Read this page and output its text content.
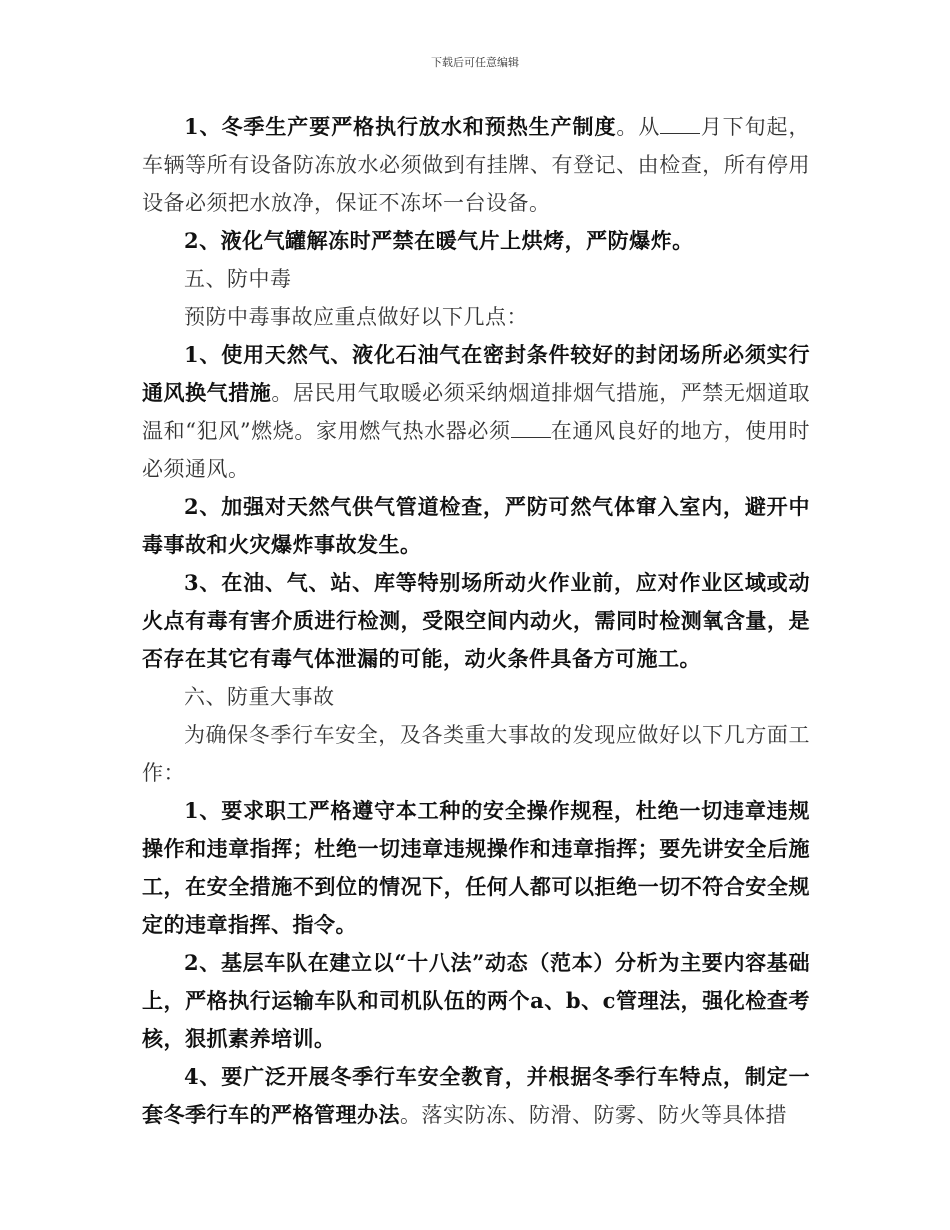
下载后可任意编辑

1、冬季生产要严格执行放水和预热生产制度。从 月下旬起，车辆等所有设备防冻放水必须做到有挂牌、有登记、由检查，所有停用设备必须把水放净，保证不冻坏一台设备。

2、液化气罐解冻时严禁在暖气片上烘烤，严防爆炸。

五、防中毒

预防中毒事故应重点做好以下几点：

1、使用天然气、液化石油气在密封条件较好的封闭场所必须实行通风换气措施。居民用气取暖必须采纳烟道排烟气措施，严禁无烟道取温和“犯风”燃烧。家用燃气热水器必须 在通风良好的地方，使用时必须通风。

2、加强对天然气供气管道检查，严防可然气体窜入室内，避开中毒事故和火灾爆炸事故发生。

3、在油、气、站、库等特别场所动火作业前，应对作业区域或动火点有毒有害介质进行检测，受限空间内动火，需同时检测氧含量，是否存在其它有毒气体泄漏的可能，动火条件具备方可施工。

六、防重大事故

为确保冬季行车安全，及各类重大事故的发现应做好以下几方面工作：

1、要求职工严格遵守本工种的安全操作规程，杜绝一切违章违规操作和违章指挥；杜绝一切违章违规操作和违章指挥；要先讲安全后施工，在安全措施不到位的情况下，任何人都可以拒绝一切不符合安全规定的违章指挥、指令。

2、基层车队在建立以“十八法”动态（范本）分析为主要内容基础上，严格执行运输车队和司机队伍的两个a、b、c管理法，强化检查考核，狠抓素养培训。

4、要广泛开展冬季行车安全教育，并根据冬季行车特点，制定一套冬季行车的严格管理办法。落实防冻、防滑、防雾、防火等具体措
